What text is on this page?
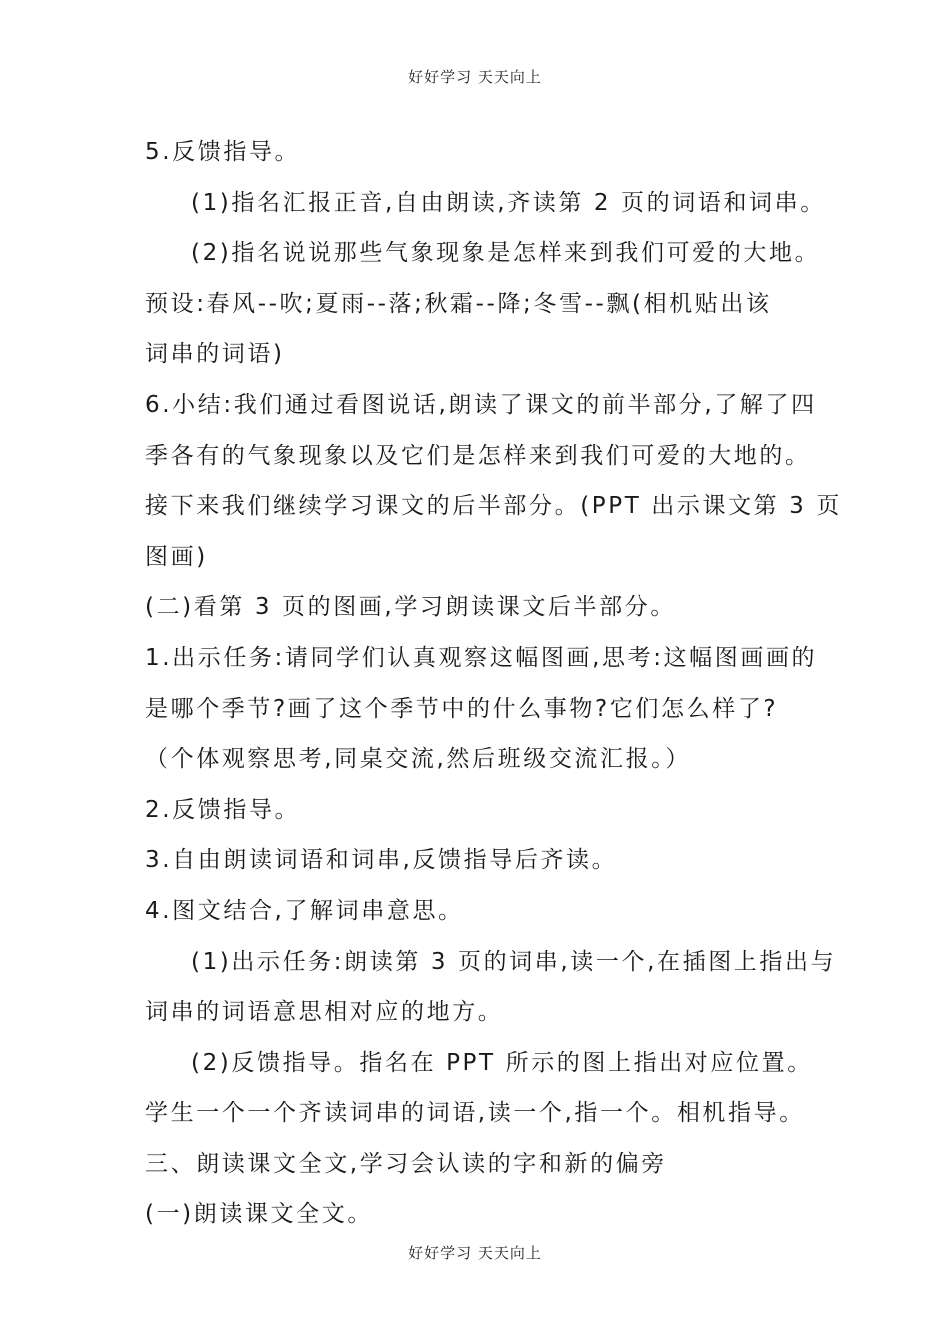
好好学习 天天向上
5.反馈指导。
(1)指名汇报正音,自由朗读,齐读第 2 页的词语和词串。
(2)指名说说那些气象现象是怎样来到我们可爱的大地。
预设:春风--吹;夏雨--落;秋霜--降;冬雪--飘(相机贴出该
词串的词语)
6.小结:我们通过看图说话,朗读了课文的前半部分,了解了四
季各有的气象现象以及它们是怎样来到我们可爱的大地的。
接下来我们继续学习课文的后半部分。(PPT 出示课文第 3 页
图画)
(二)看第 3 页的图画,学习朗读课文后半部分。
1.出示任务:请同学们认真观察这幅图画,思考:这幅图画画的
是哪个季节?画了这个季节中的什么事物?它们怎么样了?
（个体观察思考,同桌交流,然后班级交流汇报。）
2.反馈指导。
3.自由朗读词语和词串,反馈指导后齐读。
4.图文结合,了解词串意思。
(1)出示任务:朗读第 3 页的词串,读一个,在插图上指出与
词串的词语意思相对应的地方。
(2)反馈指导。指名在 PPT 所示的图上指出对应位置。
学生一个一个齐读词串的词语,读一个,指一个。相机指导。
三、朗读课文全文,学习会认读的字和新的偏旁
(一)朗读课文全文。
好好学习 天天向上
